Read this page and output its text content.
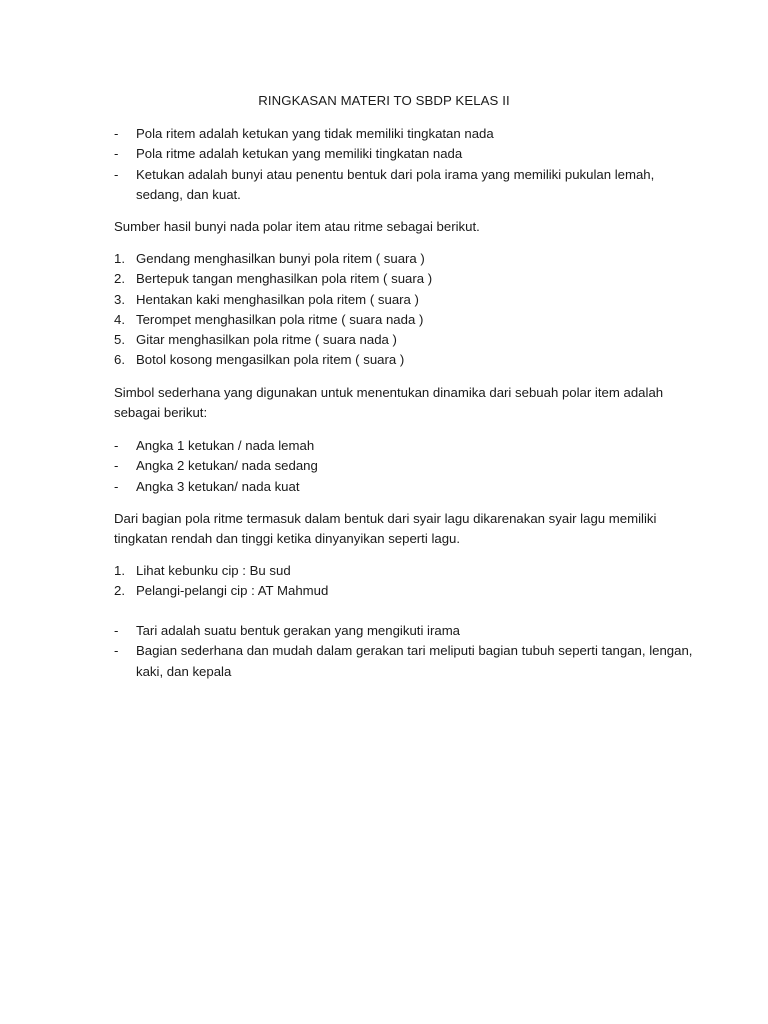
RINGKASAN MATERI TO SBDP KELAS II
- Pola ritem adalah ketukan yang tidak memiliki tingkatan nada
- Pola ritme adalah ketukan yang memiliki tingkatan nada
- Ketukan adalah bunyi atau penentu bentuk dari pola irama yang memiliki pukulan lemah,
sedang, dan kuat.
Sumber hasil bunyi nada polar item atau ritme sebagai berikut.
1. Gendang menghasilkan bunyi pola ritem ( suara )
2. Bertepuk tangan menghasilkan pola ritem ( suara )
3. Hentakan kaki menghasilkan pola ritem ( suara )
4. Terompet menghasilkan pola ritme ( suara nada )
5. Gitar menghasilkan pola ritme ( suara nada )
6. Botol kosong mengasilkan pola ritem ( suara )
Simbol sederhana yang digunakan untuk menentukan dinamika dari sebuah polar item adalah
sebagai berikut:
- Angka 1 ketukan / nada lemah
- Angka 2 ketukan/ nada sedang
- Angka 3 ketukan/ nada kuat
Dari bagian pola ritme termasuk dalam bentuk dari syair lagu dikarenakan syair lagu memiliki
tingkatan rendah dan tinggi ketika dinyanyikan seperti lagu.
1. Lihat kebunku cip : Bu sud
2. Pelangi-pelangi cip : AT Mahmud
- Tari adalah suatu bentuk gerakan yang mengikuti irama
- Bagian sederhana dan mudah dalam gerakan tari meliputi bagian tubuh seperti tangan, lengan,
kaki, dan kepala
